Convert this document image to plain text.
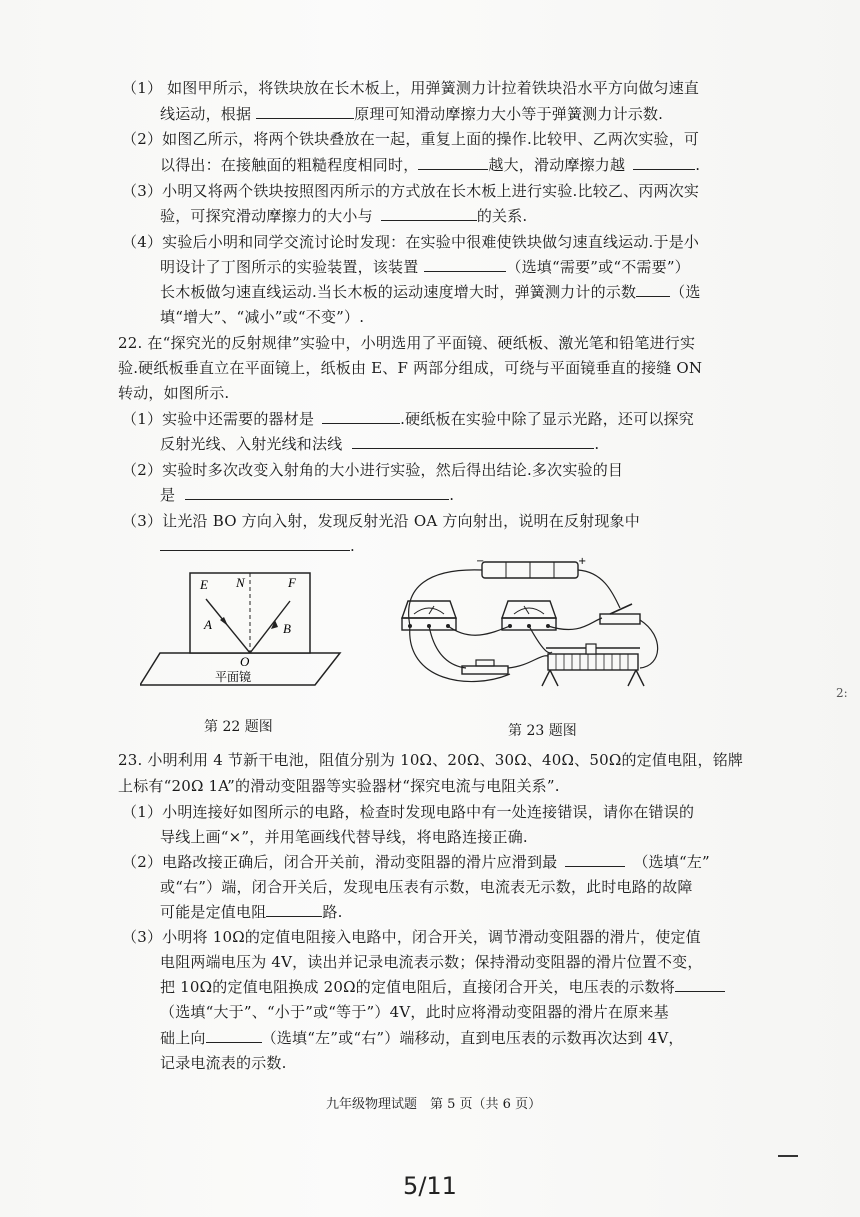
（1） 如图甲所示，将铁块放在长木板上，用弹簧测力计拉着铁块沿水平方向做匀速直
线运动，根据	原理可知滑动摩擦力大小等于弹簧测力计示数.
（2）如图乙所示，将两个铁块叠放在一起，重复上面的操作.比较甲、乙两次实验，可
以得出：在接触面的粗糙程度相同时，	越大，滑动摩擦力越	.
（3）小明又将两个铁块按照图丙所示的方式放在长木板上进行实验.比较乙、丙两次实
验，可探究滑动摩擦力的大小与	的关系.
（4）实验后小明和同学交流讨论时发现：在实验中很难使铁块做匀速直线运动.于是小
明设计了丁图所示的实验装置，该装置	（选填“需要”或“不需要”）
长木板做匀速直线运动.当长木板的运动速度增大时，弹簧测力计的示数 （选
填“增大”、“减小”或“不变”）.
22. 在“探究光的反射规律”实验中，小明选用了平面镜、硬纸板、激光笔和铅笔进行实
验.硬纸板垂直立在平面镜上，纸板由 E、F 两部分组成，可绕与平面镜垂直的接缝 ON
转动，如图所示.
（1）实验中还需要的器材是	.硬纸板在实验中除了显示光路，还可以探究
反射光线、入射光线和法线	.
（2）实验时多次改变入射角的大小进行实验，然后得出结论.多次实验的目
是	.
（3）让光沿 BO 方向入射，发现反射光沿 OA 方向射出，说明在反射现象中
.
E N	F
A	B
O
平面镜
第 22 题图
−	+
第 23 题图
23. 小明利用 4 节新干电池，阻值分别为 10Ω、20Ω、30Ω、40Ω、50Ω的定值电阻，铭牌
上标有“20Ω 1A”的滑动变阻器等实验器材“探究电流与电阻关系”.
（1）小明连接好如图所示的电路，检查时发现电路中有一处连接错误，请你在错误的
导线上画“×”，并用笔画线代替导线，将电路连接正确.
（2）电路改接正确后，闭合开关前，滑动变阻器的滑片应滑到最	（选填“左”
或“右”）端，闭合开关后，发现电压表有示数，电流表无示数，此时电路的故障
可能是定值电阻	路.
（3）小明将 10Ω的定值电阻接入电路中，闭合开关，调节滑动变阻器的滑片，使定值
电阻两端电压为 4V，读出并记录电流表示数；保持滑动变阻器的滑片位置不变，
把 10Ω的定值电阻换成 20Ω的定值电阻后，直接闭合开关，电压表的示数将
（选填“大于”、“小于”或“等于”）4V，此时应将滑动变阻器的滑片在原来基
础上向	（选填“左”或“右”）端移动，直到电压表的示数再次达到 4V，
记录电流表的示数.
九年级物理试题　第 5 页（共 6 页）
2:
5/11
